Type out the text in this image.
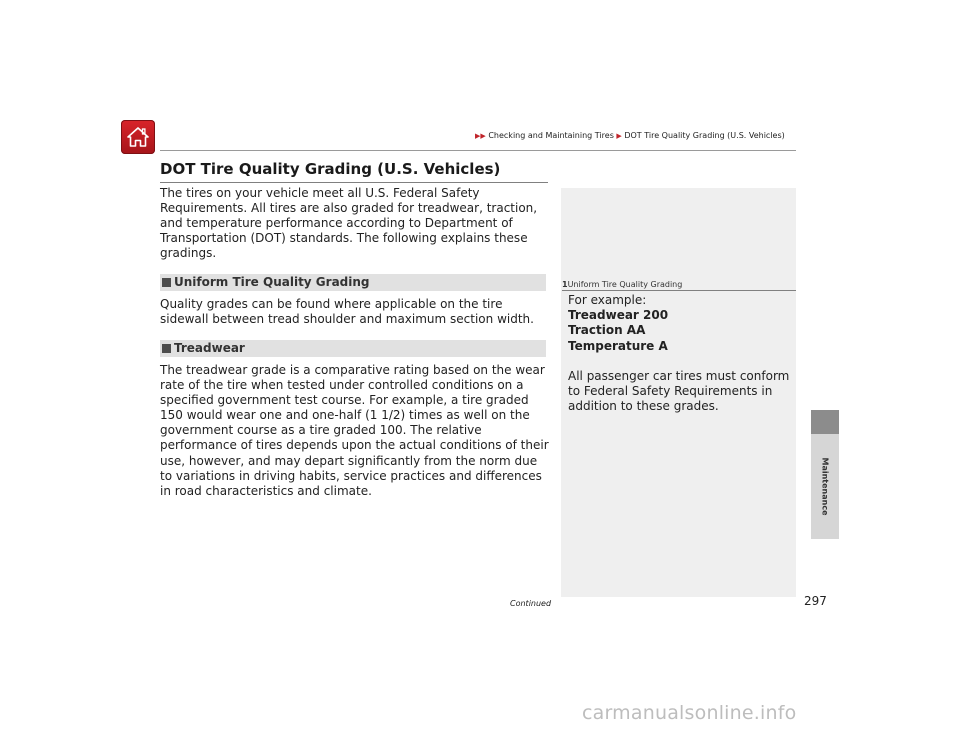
▶▶ Checking and Maintaining Tires ▶ DOT Tire Quality Grading (U.S. Vehicles)
DOT Tire Quality Grading (U.S. Vehicles)

The tires on your vehicle meet all U.S. Federal Safety Requirements. All tires are also graded for treadwear, traction, and temperature performance according to Department of Transportation (DOT) standards. The following explains these gradings.

Uniform Tire Quality Grading

Quality grades can be found where applicable on the tire sidewall between tread shoulder and maximum section width.

Treadwear

The treadwear grade is a comparative rating based on the wear rate of the tire when tested under controlled conditions on a specified government test course. For example, a tire graded 150 would wear one and one-half (1 1/2) times as well on the government course as a tire graded 100. The relative performance of tires depends upon the actual conditions of their use, however, and may depart significantly from the norm due to variations in driving habits, service practices and differences in road characteristics and climate.

1Uniform Tire Quality Grading

For example:

Treadwear 200

Traction AA

Temperature A

All passenger car tires must conform to Federal Safety Requirements in addition to these grades.

Maintenance
Continued	297
carmanualsonline.info
